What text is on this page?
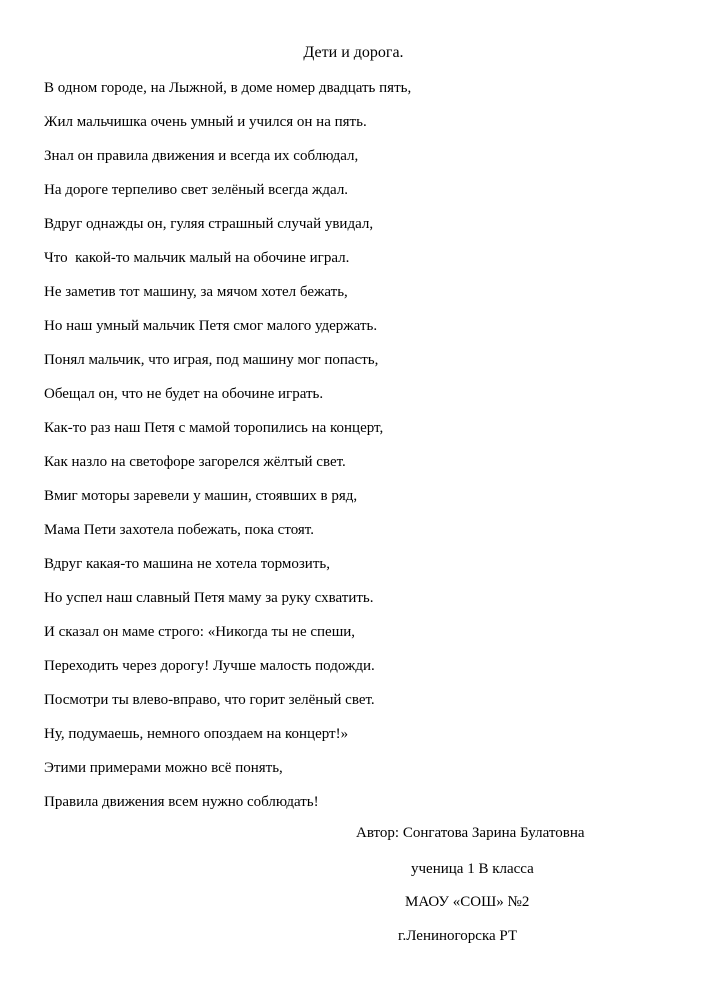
Дети и дорога.
В одном городе, на Лыжной, в доме номер двадцать пять,
Жил мальчишка очень умный и учился он на пять.
Знал он правила движения и всегда их соблюдал,
На дороге терпеливо свет зелёный всегда ждал.
Вдруг однажды он, гуляя страшный случай увидал,
Что  какой-то мальчик малый на обочине играл.
Не заметив тот машину, за мячом хотел бежать,
Но наш умный мальчик Петя смог малого удержать.
Понял мальчик, что играя, под машину мог попасть,
Обещал он, что не будет на обочине играть.
Как-то раз наш Петя с мамой торопились на концерт,
Как назло на светофоре загорелся жёлтый свет.
Вмиг моторы заревели у машин, стоявших в ряд,
Мама Пети захотела побежать, пока стоят.
Вдруг какая-то машина не хотела тормозить,
Но успел наш славный Петя маму за руку схватить.
И сказал он маме строго: «Никогда ты не спеши,
Переходить через дорогу! Лучше малость подожди.
Посмотри ты влево-вправо, что горит зелёный свет.
Ну, подумаешь, немного опоздаем на концерт!»
Этими примерами можно всё понять,
Правила движения всем нужно соблюдать!
Автор: Сонгатова Зарина Булатовна
ученица 1 В класса
МАОУ «СОШ» №2
г.Лениногорска РТ
